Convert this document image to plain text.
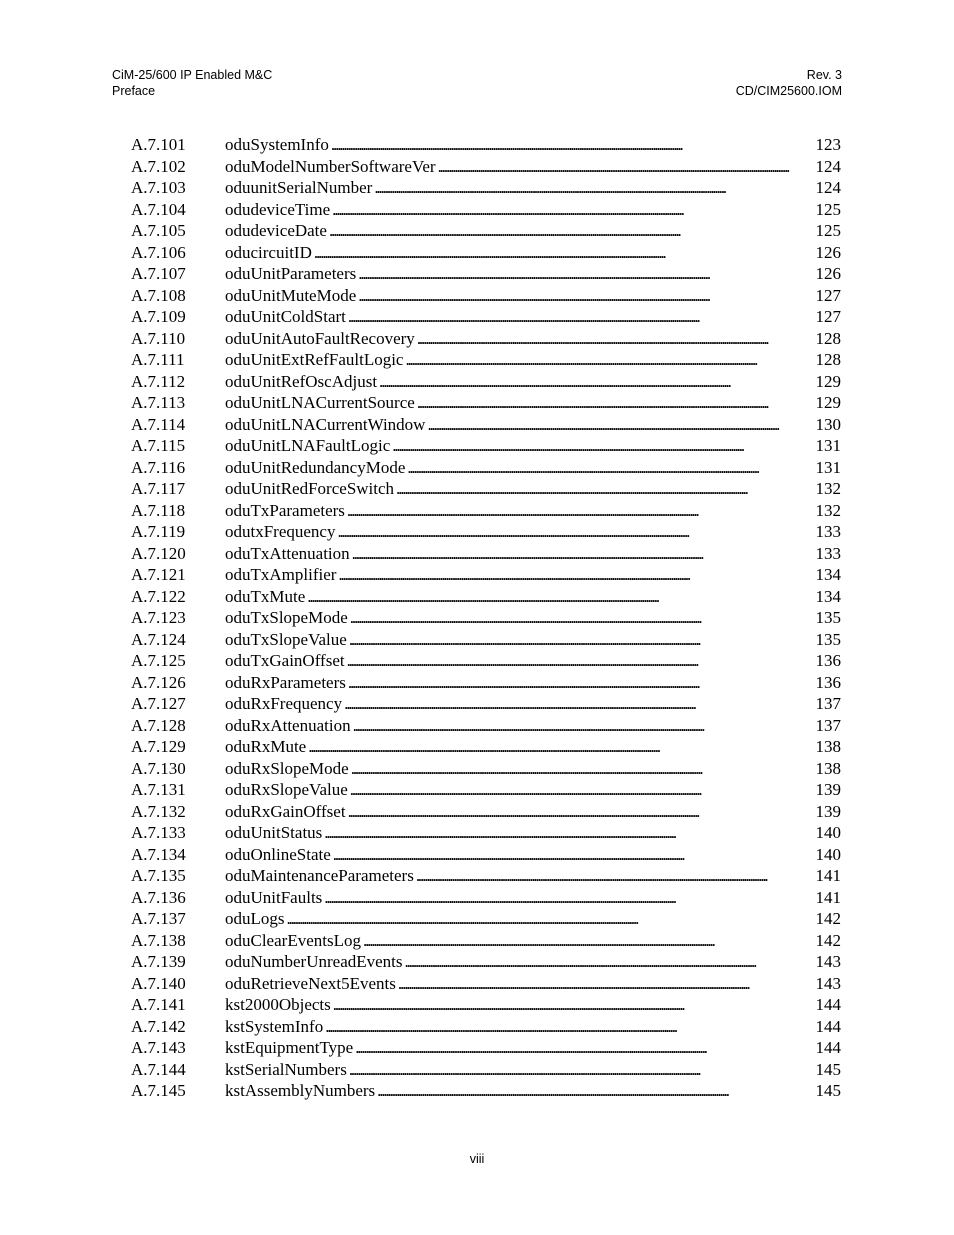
CiM-25/600 IP Enabled M&C
Preface
Rev. 3
CD/CIM25600.IOM
A.7.101	oduSystemInfo . . .	123
A.7.102	oduModelNumberSoftwareVer . . .	124
A.7.103	oduunitSerialNumber . . .	124
A.7.104	odudeviceTime . . .	125
A.7.105	odudeviceDate . . .	125
A.7.106	oducircuitID . . .	126
A.7.107	oduUnitParameters . . .	126
A.7.108	oduUnitMuteMode . . .	127
A.7.109	oduUnitColdStart . . .	127
A.7.110	oduUnitAutoFaultRecovery . . .	128
A.7.111	oduUnitExtRefFaultLogic . . .	128
A.7.112	oduUnitRefOscAdjust . . .	129
A.7.113	oduUnitLNACurrentSource . . .	129
A.7.114	oduUnitLNACurrentWindow . . .	130
A.7.115	oduUnitLNAFaultLogic . . .	131
A.7.116	oduUnitRedundancyMode . . .	131
A.7.117	oduUnitRedForceSwitch . . .	132
A.7.118	oduTxParameters . . .	132
A.7.119	odutxFrequency . . .	133
A.7.120	oduTxAttenuation . . .	133
A.7.121	oduTxAmplifier . . .	134
A.7.122	oduTxMute . . .	134
A.7.123	oduTxSlopeMode . . .	135
A.7.124	oduTxSlopeValue . . .	135
A.7.125	oduTxGainOffset . . .	136
A.7.126	oduRxParameters . . .	136
A.7.127	oduRxFrequency . . .	137
A.7.128	oduRxAttenuation . . .	137
A.7.129	oduRxMute . . .	138
A.7.130	oduRxSlopeMode . . .	138
A.7.131	oduRxSlopeValue . . .	139
A.7.132	oduRxGainOffset . . .	139
A.7.133	oduUnitStatus . . .	140
A.7.134	oduOnlineState . . .	140
A.7.135	oduMaintenanceParameters . . .	141
A.7.136	oduUnitFaults . . .	141
A.7.137	oduLogs . . .	142
A.7.138	oduClearEventsLog . . .	142
A.7.139	oduNumberUnreadEvents . . .	143
A.7.140	oduRetrieveNext5Events . . .	143
A.7.141	kst2000Objects . . .	144
A.7.142	kstSystemInfo . . .	144
A.7.143	kstEquipmentType . . .	144
A.7.144	kstSerialNumbers . . .	145
A.7.145	kstAssemblyNumbers . . .	145
viii
